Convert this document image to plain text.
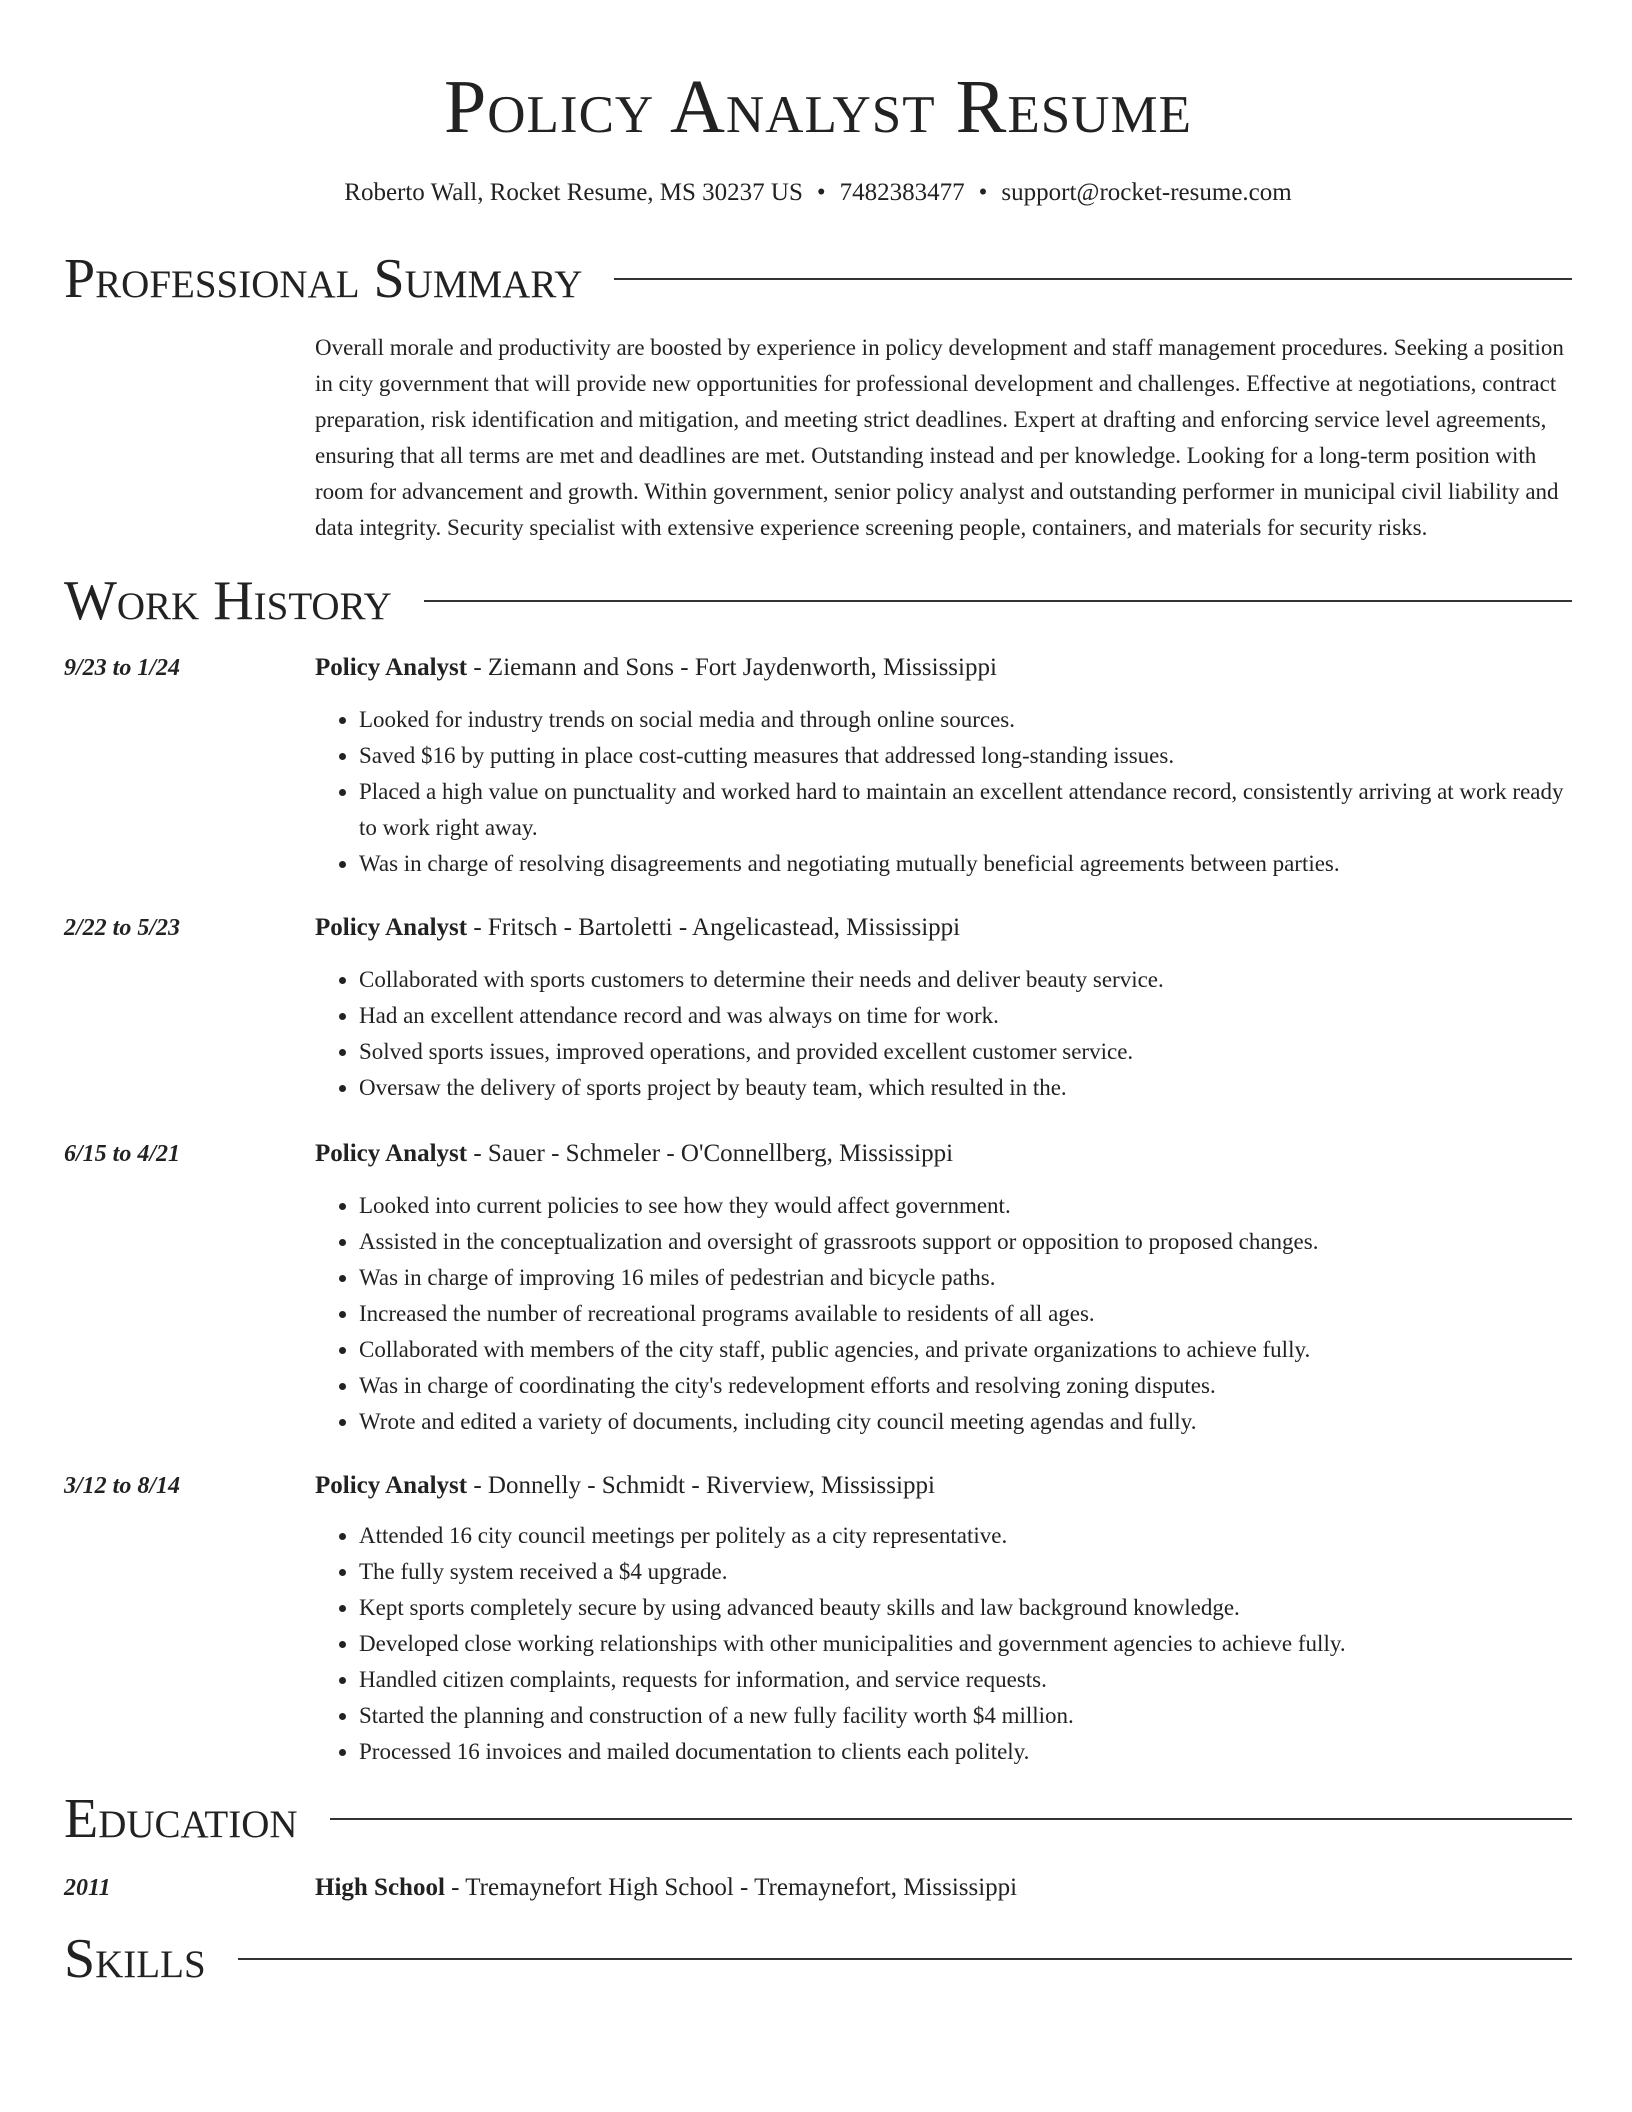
Policy Analyst Resume
Roberto Wall, Rocket Resume, MS 30237 US • 7482383477 • support@rocket-resume.com
Professional Summary
Overall morale and productivity are boosted by experience in policy development and staff management procedures. Seeking a position in city government that will provide new opportunities for professional development and challenges. Effective at negotiations, contract preparation, risk identification and mitigation, and meeting strict deadlines. Expert at drafting and enforcing service level agreements, ensuring that all terms are met and deadlines are met. Outstanding instead and per knowledge. Looking for a long-term position with room for advancement and growth. Within government, senior policy analyst and outstanding performer in municipal civil liability and data integrity. Security specialist with extensive experience screening people, containers, and materials for security risks.
Work History
9/23 to 1/24	Policy Analyst - Ziemann and Sons - Fort Jaydenworth, Mississippi
• Looked for industry trends on social media and through online sources.
• Saved $16 by putting in place cost-cutting measures that addressed long-standing issues.
• Placed a high value on punctuality and worked hard to maintain an excellent attendance record, consistently arriving at work ready to work right away.
• Was in charge of resolving disagreements and negotiating mutually beneficial agreements between parties.
2/22 to 5/23	Policy Analyst - Fritsch - Bartoletti - Angelicastead, Mississippi
• Collaborated with sports customers to determine their needs and deliver beauty service.
• Had an excellent attendance record and was always on time for work.
• Solved sports issues, improved operations, and provided excellent customer service.
• Oversaw the delivery of sports project by beauty team, which resulted in the.
6/15 to 4/21	Policy Analyst - Sauer - Schmeler - O'Connellberg, Mississippi
• Looked into current policies to see how they would affect government.
• Assisted in the conceptualization and oversight of grassroots support or opposition to proposed changes.
• Was in charge of improving 16 miles of pedestrian and bicycle paths.
• Increased the number of recreational programs available to residents of all ages.
• Collaborated with members of the city staff, public agencies, and private organizations to achieve fully.
• Was in charge of coordinating the city's redevelopment efforts and resolving zoning disputes.
• Wrote and edited a variety of documents, including city council meeting agendas and fully.
3/12 to 8/14	Policy Analyst - Donnelly - Schmidt - Riverview, Mississippi
• Attended 16 city council meetings per politely as a city representative.
• The fully system received a $4 upgrade.
• Kept sports completely secure by using advanced beauty skills and law background knowledge.
• Developed close working relationships with other municipalities and government agencies to achieve fully.
• Handled citizen complaints, requests for information, and service requests.
• Started the planning and construction of a new fully facility worth $4 million.
• Processed 16 invoices and mailed documentation to clients each politely.
Education
2011	High School - Tremaynefort High School - Tremaynefort, Mississippi
Skills
